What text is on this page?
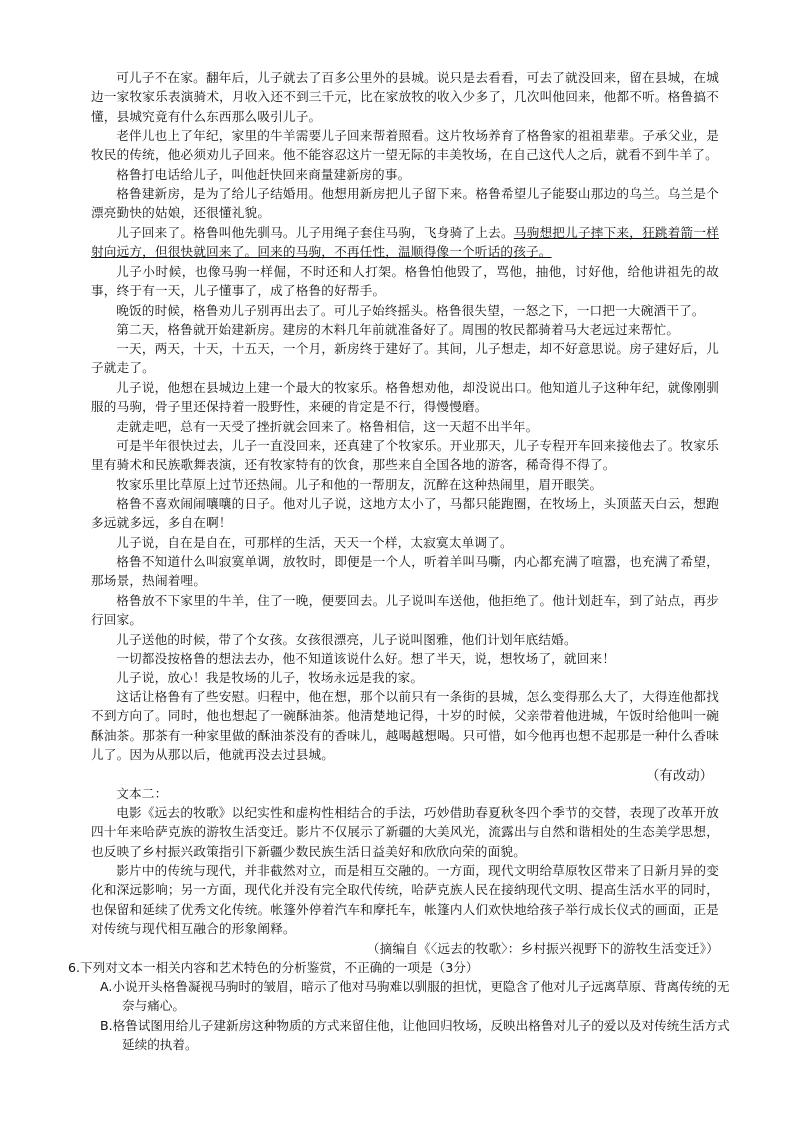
可儿子不在家。翻年后，儿子就去了百多公里外的县城。说只是去看看，可去了就没回来，留在县城，在城边一家牧家乐表演骑术，月收入还不到三千元，比在家放牧的收入少多了，几次叫他回来，他都不听。格鲁搞不懂，县城究竟有什么东西那么吸引儿子。
老伴儿也上了年纪，家里的牛羊需要儿子回来帮着照看。这片牧场养育了格鲁家的祖祖辈辈。子承父业，是牧民的传统，他必须劝儿子回来。他不能容忍这片一望无际的丰美牧场，在自己这代人之后，就看不到牛羊了。
格鲁打电话给儿子，叫他赶快回来商量建新房的事。
格鲁建新房，是为了给儿子结婚用。他想用新房把儿子留下来。格鲁希望儿子能娶山那边的乌兰。乌兰是个漂亮勤快的姑娘，还很懂礼貌。
儿子回来了。格鲁叫他先驯马。儿子用绳子套住马驹，飞身骑了上去。马驹想把儿子摔下来，狂跳着箭一样射向远方，但很快就回来了。回来的马驹，不再任性，温顺得像一个听话的孩子。
儿子小时候，也像马驹一样倔，不时还和人打架。格鲁怕他毁了，骂他，抽他，讨好他，给他讲祖先的故事，终于有一天，儿子懂事了，成了格鲁的好帮手。
晚饭的时候，格鲁劝儿子别再出去了。可儿子始终摇头。格鲁很失望，一怒之下，一口把一大碗酒干了。
第二天，格鲁就开始建新房。建房的木料几年前就准备好了。周围的牧民都骑着马大老远过来帮忙。
一天，两天，十天，十五天，一个月，新房终于建好了。其间，儿子想走，却不好意思说。房子建好后，儿子就走了。
儿子说，他想在县城边上建一个最大的牧家乐。格鲁想劝他，却没说出口。他知道儿子这种年纪，就像刚驯服的马驹，骨子里还保持着一股野性，来硬的肯定是不行，得慢慢磨。
走就走吧，总有一天受了挫折就会回来了。格鲁相信，这一天超不出半年。
可是半年很快过去，儿子一直没回来，还真建了个牧家乐。开业那天，儿子专程开车回来接他去了。牧家乐里有骑术和民族歌舞表演，还有牧家特有的饮食，那些来自全国各地的游客，稀奇得不得了。
牧家乐里比草原上过节还热闹。儿子和他的一帮朋友，沉醉在这种热闹里，眉开眼笑。
格鲁不喜欢闹闹嚷嚷的日子。他对儿子说，这地方太小了，马都只能跑圈，在牧场上，头顶蓝天白云，想跑多远就多远，多自在啊！
儿子说，自在是自在，可那样的生活，天天一个样，太寂寞太单调了。
格鲁不知道什么叫寂寞单调，放牧时，即便是一个人，听着羊叫马嘶，内心都充满了喧嚣，也充满了希望，那场景，热闹着哩。
格鲁放不下家里的牛羊，住了一晚，便要回去。儿子说叫车送他，他拒绝了。他计划赶车，到了站点，再步行回家。
儿子送他的时候，带了个女孩。女孩很漂亮，儿子说叫图雅，他们计划年底结婚。
一切都没按格鲁的想法去办，他不知道该说什么好。想了半天，说，想牧场了，就回来！
儿子说，放心！我是牧场的儿子，牧场永远是我的家。
这话让格鲁有了些安慰。归程中，他在想，那个以前只有一条街的县城，怎么变得那么大了，大得连他都找不到方向了。同时，他也想起了一碗酥油茶。他清楚地记得，十岁的时候，父亲带着他进城，午饭时给他叫一碗酥油茶。那茶有一种家里做的酥油茶没有的香味儿，越喝越想喝。只可惜，如今他再也想不起那是一种什么香味儿了。因为从那以后，他就再没去过县城。
（有改动）
文本二：
电影《远去的牧歌》以纪实性和虚构性相结合的手法，巧妙借助春夏秋冬四个季节的交替，表现了改革开放四十年来哈萨克族的游牧生活变迁。影片不仅展示了新疆的大美风光，流露出与自然和谐相处的生态美学思想，也反映了乡村振兴政策指引下新疆少数民族生活日益美好和欣欣向荣的面貌。
影片中的传统与现代，并非截然对立，而是相互交融的。一方面，现代文明给草原牧区带来了日新月异的变化和深远影响；另一方面，现代化并没有完全取代传统，哈萨克族人民在接纳现代文明、提高生活水平的同时，也保留和延续了优秀文化传统。帐篷外停着汽车和摩托车，帐篷内人们欢快地给孩子举行成长仪式的画面，正是对传统与现代相互融合的形象阐释。
（摘编自《〈远去的牧歌〉：乡村振兴视野下的游牧生活变迁》）
6.下列对文本一相关内容和艺术特色的分析鉴赏，不正确的一项是（3分）
A.小说开头格鲁凝视马驹时的皱眉，暗示了他对马驹难以驯服的担忧，更隐含了他对儿子远离草原、背离传统的无奈与痛心。
B.格鲁试图用给儿子建新房这种物质的方式来留住他，让他回归牧场，反映出格鲁对儿子的爱以及对传统生活方式延续的执着。
